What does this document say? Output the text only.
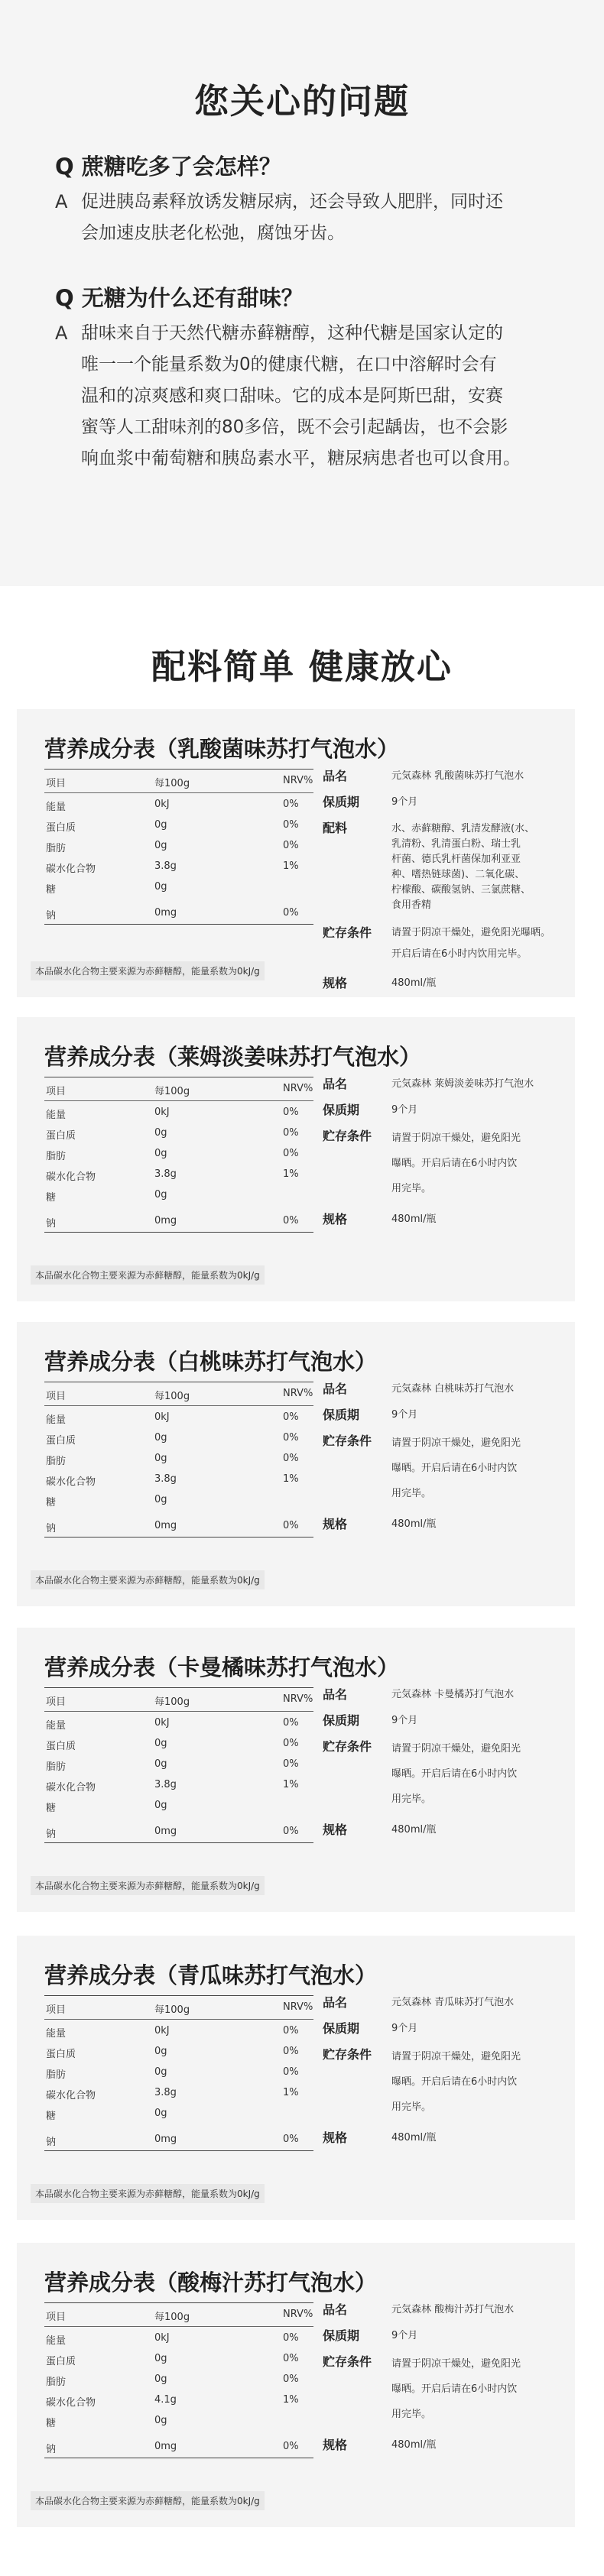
您关心的问题
Q 蔗糖吃多了会怎样？
A 促进胰岛素释放诱发糖尿病，还会导致人肥胖，同时还
会加速皮肤老化松弛，腐蚀牙齿。
Q 无糖为什么还有甜味？
A 甜味来自于天然代糖赤藓糖醇，这种代糖是国家认定的
唯一一个能量系数为0的健康代糖，在口中溶解时会有
温和的凉爽感和爽口甜味。它的成本是阿斯巴甜，安赛
蜜等人工甜味剂的80多倍，既不会引起龋齿，也不会影
响血浆中葡萄糖和胰岛素水平，糖尿病患者也可以食用。
配料简单 健康放心
营养成分表（乳酸菌味苏打气泡水）
项目	每100g	NRV%
能量	0kJ	0%
蛋白质	0g	0%
脂肪	0g	0%
碳水化合物	3.8g	1%
糖	0g
钠	0mg	0%
品名	元気森林 乳酸菌味苏打气泡水
保质期	9个月
配料	水、赤藓糖醇、乳清发酵液(水、
乳清粉、乳清蛋白粉、瑞士乳
杆菌、德氏乳杆菌保加利亚亚
种、嗜热链球菌)、二氧化碳、
柠檬酸、碳酸氢钠、三氯蔗糖、
食用香精
贮存条件 请置于阴凉干燥处，避免阳光曝晒。
开启后请在6小时内饮用完毕。
规格	480ml/瓶
本品碳水化合物主要来源为赤藓糖醇，能量系数为0kJ/g
营养成分表（莱姆淡姜味苏打气泡水）
项目	每100g	NRV%
能量	0kJ	0%
蛋白质	0g	0%
脂肪	0g	0%
碳水化合物	3.8g	1%
糖	0g
钠	0mg	0%
品名	元気森林 莱姆淡姜味苏打气泡水
保质期	9个月
贮存条件 请置于阴凉干燥处，避免阳光
曝晒。开启后请在6小时内饮
用完毕。
规格	480ml/瓶
本品碳水化合物主要来源为赤藓糖醇，能量系数为0kJ/g
营养成分表（白桃味苏打气泡水）
项目	每100g	NRV%
能量	0kJ	0%
蛋白质	0g	0%
脂肪	0g	0%
碳水化合物	3.8g	1%
糖	0g
钠	0mg	0%
品名	元気森林 白桃味苏打气泡水
保质期	9个月
贮存条件 请置于阴凉干燥处，避免阳光
曝晒。开启后请在6小时内饮
用完毕。
规格	480ml/瓶
本品碳水化合物主要来源为赤藓糖醇，能量系数为0kJ/g
营养成分表（卡曼橘味苏打气泡水）
项目	每100g	NRV%
能量	0kJ	0%
蛋白质	0g	0%
脂肪	0g	0%
碳水化合物	3.8g	1%
糖	0g
钠	0mg	0%
品名	元気森林 卡曼橘苏打气泡水
保质期	9个月
贮存条件 请置于阴凉干燥处，避免阳光
曝晒。开启后请在6小时内饮
用完毕。
规格	480ml/瓶
本品碳水化合物主要来源为赤藓糖醇，能量系数为0kJ/g
营养成分表（青瓜味苏打气泡水）
项目	每100g	NRV%
能量	0kJ	0%
蛋白质	0g	0%
脂肪	0g	0%
碳水化合物	3.8g	1%
糖	0g
钠	0mg	0%
品名	元気森林 青瓜味苏打气泡水
保质期	9个月
贮存条件 请置于阴凉干燥处，避免阳光
曝晒。开启后请在6小时内饮
用完毕。
规格	480ml/瓶
本品碳水化合物主要来源为赤藓糖醇，能量系数为0kJ/g
营养成分表（酸梅汁苏打气泡水）
项目	每100g	NRV%
能量	0kJ	0%
蛋白质	0g	0%
脂肪	0g	0%
碳水化合物	4.1g	1%
糖	0g
钠	0mg	0%
品名	元気森林 酸梅汁苏打气泡水
保质期	9个月
贮存条件 请置于阴凉干燥处，避免阳光
曝晒。开启后请在6小时内饮
用完毕。
规格	480ml/瓶
本品碳水化合物主要来源为赤藓糖醇，能量系数为0kJ/g
